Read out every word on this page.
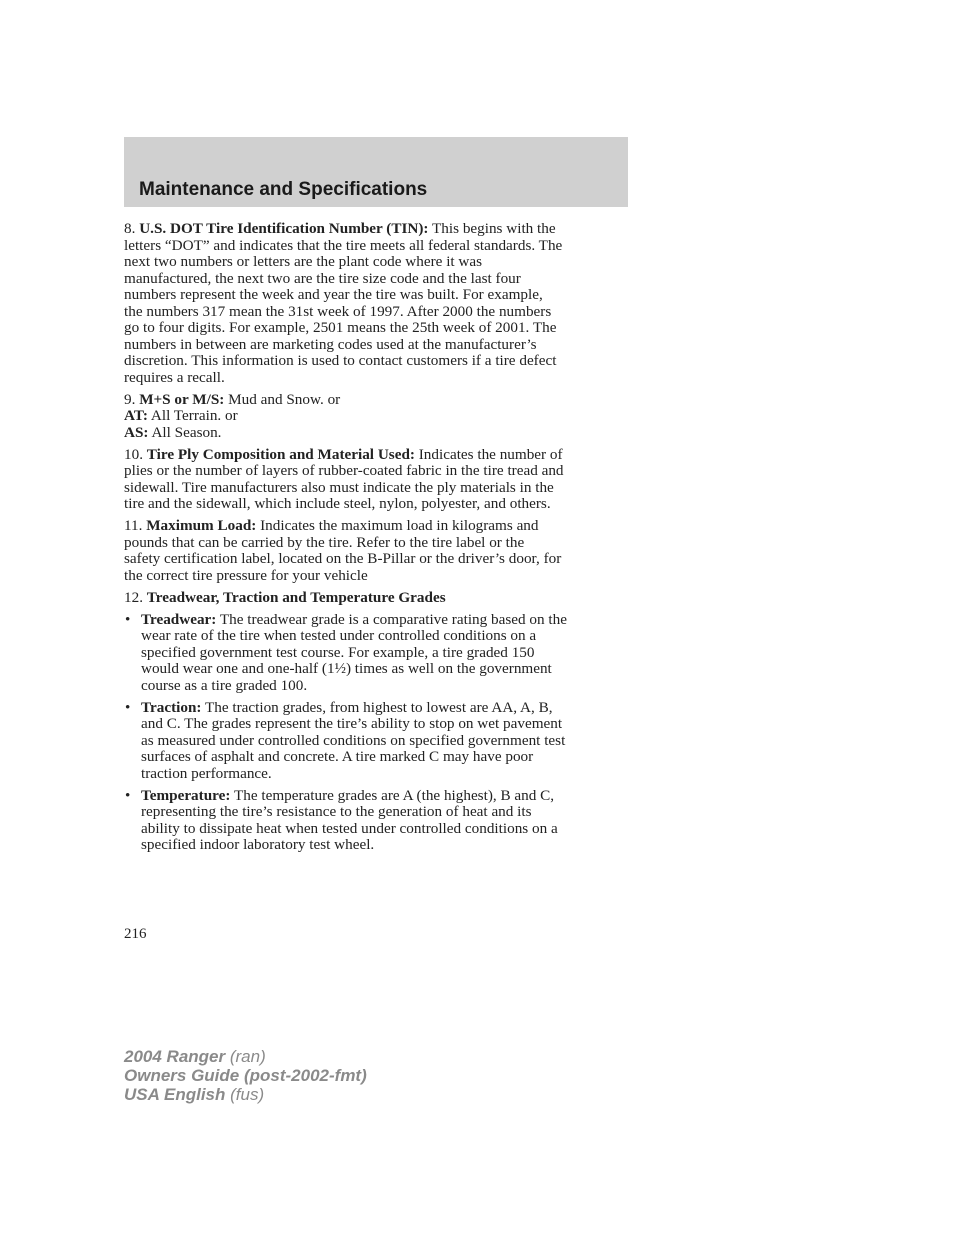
Maintenance and Specifications
8. U.S. DOT Tire Identification Number (TIN): This begins with the
letters “DOT” and indicates that the tire meets all federal standards. The
next two numbers or letters are the plant code where it was
manufactured, the next two are the tire size code and the last four
numbers represent the week and year the tire was built. For example,
the numbers 317 mean the 31st week of 1997. After 2000 the numbers
go to four digits. For example, 2501 means the 25th week of 2001. The
numbers in between are marketing codes used at the manufacturer’s
discretion. This information is used to contact customers if a tire defect
requires a recall.
9. M+S or M/S: Mud and Snow. or
AT: All Terrain. or
AS: All Season.
10. Tire Ply Composition and Material Used: Indicates the number of
plies or the number of layers of rubber-coated fabric in the tire tread and
sidewall. Tire manufacturers also must indicate the ply materials in the
tire and the sidewall, which include steel, nylon, polyester, and others.
11. Maximum Load: Indicates the maximum load in kilograms and
pounds that can be carried by the tire. Refer to the tire label or the
safety certification label, located on the B-Pillar or the driver’s door, for
the correct tire pressure for your vehicle
12. Treadwear, Traction and Temperature Grades
• Treadwear: The treadwear grade is a comparative rating based on the
wear rate of the tire when tested under controlled conditions on a
specified government test course. For example, a tire graded 150
would wear one and one-half (1½) times as well on the government
course as a tire graded 100.
• Traction: The traction grades, from highest to lowest are AA, A, B,
and C. The grades represent the tire’s ability to stop on wet pavement
as measured under controlled conditions on specified government test
surfaces of asphalt and concrete. A tire marked C may have poor
traction performance.
• Temperature: The temperature grades are A (the highest), B and C,
representing the tire’s resistance to the generation of heat and its
ability to dissipate heat when tested under controlled conditions on a
specified indoor laboratory test wheel.
216
2004 Ranger (ran)
Owners Guide (post-2002-fmt)
USA English (fus)
